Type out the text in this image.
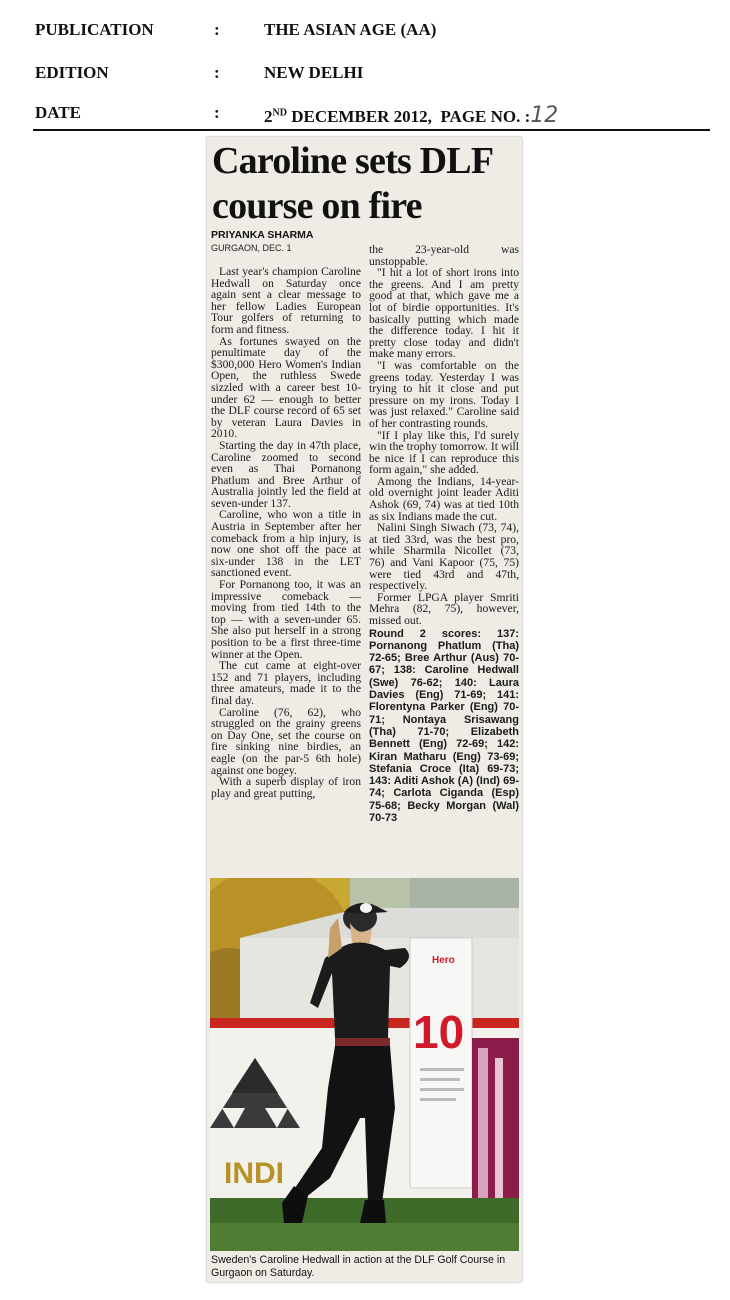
PUBLICATION	:	THE ASIAN AGE (AA)
EDITION	:	NEW DELHI
DATE	:	2ND DECEMBER 2012, PAGE NO. :12
Caroline sets DLF course on fire
PRIYANKA SHARMA
GURGAON, DEC. 1

Last year's champion Caroline Hedwall on Saturday once again sent a clear message to her fellow Ladies European Tour golfers of returning to form and fitness.

As fortunes swayed on the penultimate day of the $300,000 Hero Women's Indian Open, the ruthless Swede sizzled with a career best 10-under 62 — enough to better the DLF course record of 65 set by veteran Laura Davies in 2010.

Starting the day in 47th place, Caroline zoomed to second even as Thai Pornanong Phatlum and Bree Arthur of Australia jointly led the field at seven-under 137.

Caroline, who won a title in Austria in September after her comeback from a hip injury, is now one shot off the pace at six-under 138 in the LET sanctioned event.

For Pornanong too, it was an impressive comeback — moving from tied 14th to the top — with a seven-under 65. She also put herself in a strong position to be a first three-time winner at the Open.

The cut came at eight-over 152 and 71 players, including three amateurs, made it to the final day.

Caroline (76, 62), who struggled on the grainy greens on Day One, set the course on fire sinking nine birdies, an eagle (on the par-5 6th hole) against one bogey.

With a superb display of iron play and great putting,

the 23-year-old was unstoppable.

"I hit a lot of short irons into the greens. And I am pretty good at that, which gave me a lot of birdie opportunities. It's basically putting which made the difference today. I hit it pretty close today and didn't make many errors.

"I was comfortable on the greens today. Yesterday I was trying to hit it close and put pressure on my irons. Today I was just relaxed." Caroline said of her contrasting rounds.

"If I play like this, I'd surely win the trophy tomorrow. It will be nice if I can reproduce this form again," she added.

Among the Indians, 14-year-old overnight joint leader Aditi Ashok (69, 74) was at tied 10th as six Indians made the cut.

Nalini Singh Siwach (73, 74), at tied 33rd, was the best pro, while Sharmila Nicollet (73, 76) and Vani Kapoor (75, 75) were tied 43rd and 47th, respectively.

Former LPGA player Smriti Mehra (82, 75), however, missed out.

Round 2 scores: 137: Pornanong Phatlum (Tha) 72-65; Bree Arthur (Aus) 70-67; 138: Caroline Hedwall (Swe) 76-62; 140: Laura Davies (Eng) 71-69; 141: Florentyna Parker (Eng) 70-71; Nontaya Srisawang (Tha) 71-70; Elizabeth Bennett (Eng) 72-69; 142: Kiran Matharu (Eng) 73-69; Stefania Croce (Ita) 69-73; 143: Aditi Ashok (A) (Ind) 69-74; Carlota Ciganda (Esp) 75-68; Becky Morgan (Wal) 70-73
INDI
Hero
10
Sweden's Caroline Hedwall in action at the DLF Golf Course in Gurgaon on Saturday.
